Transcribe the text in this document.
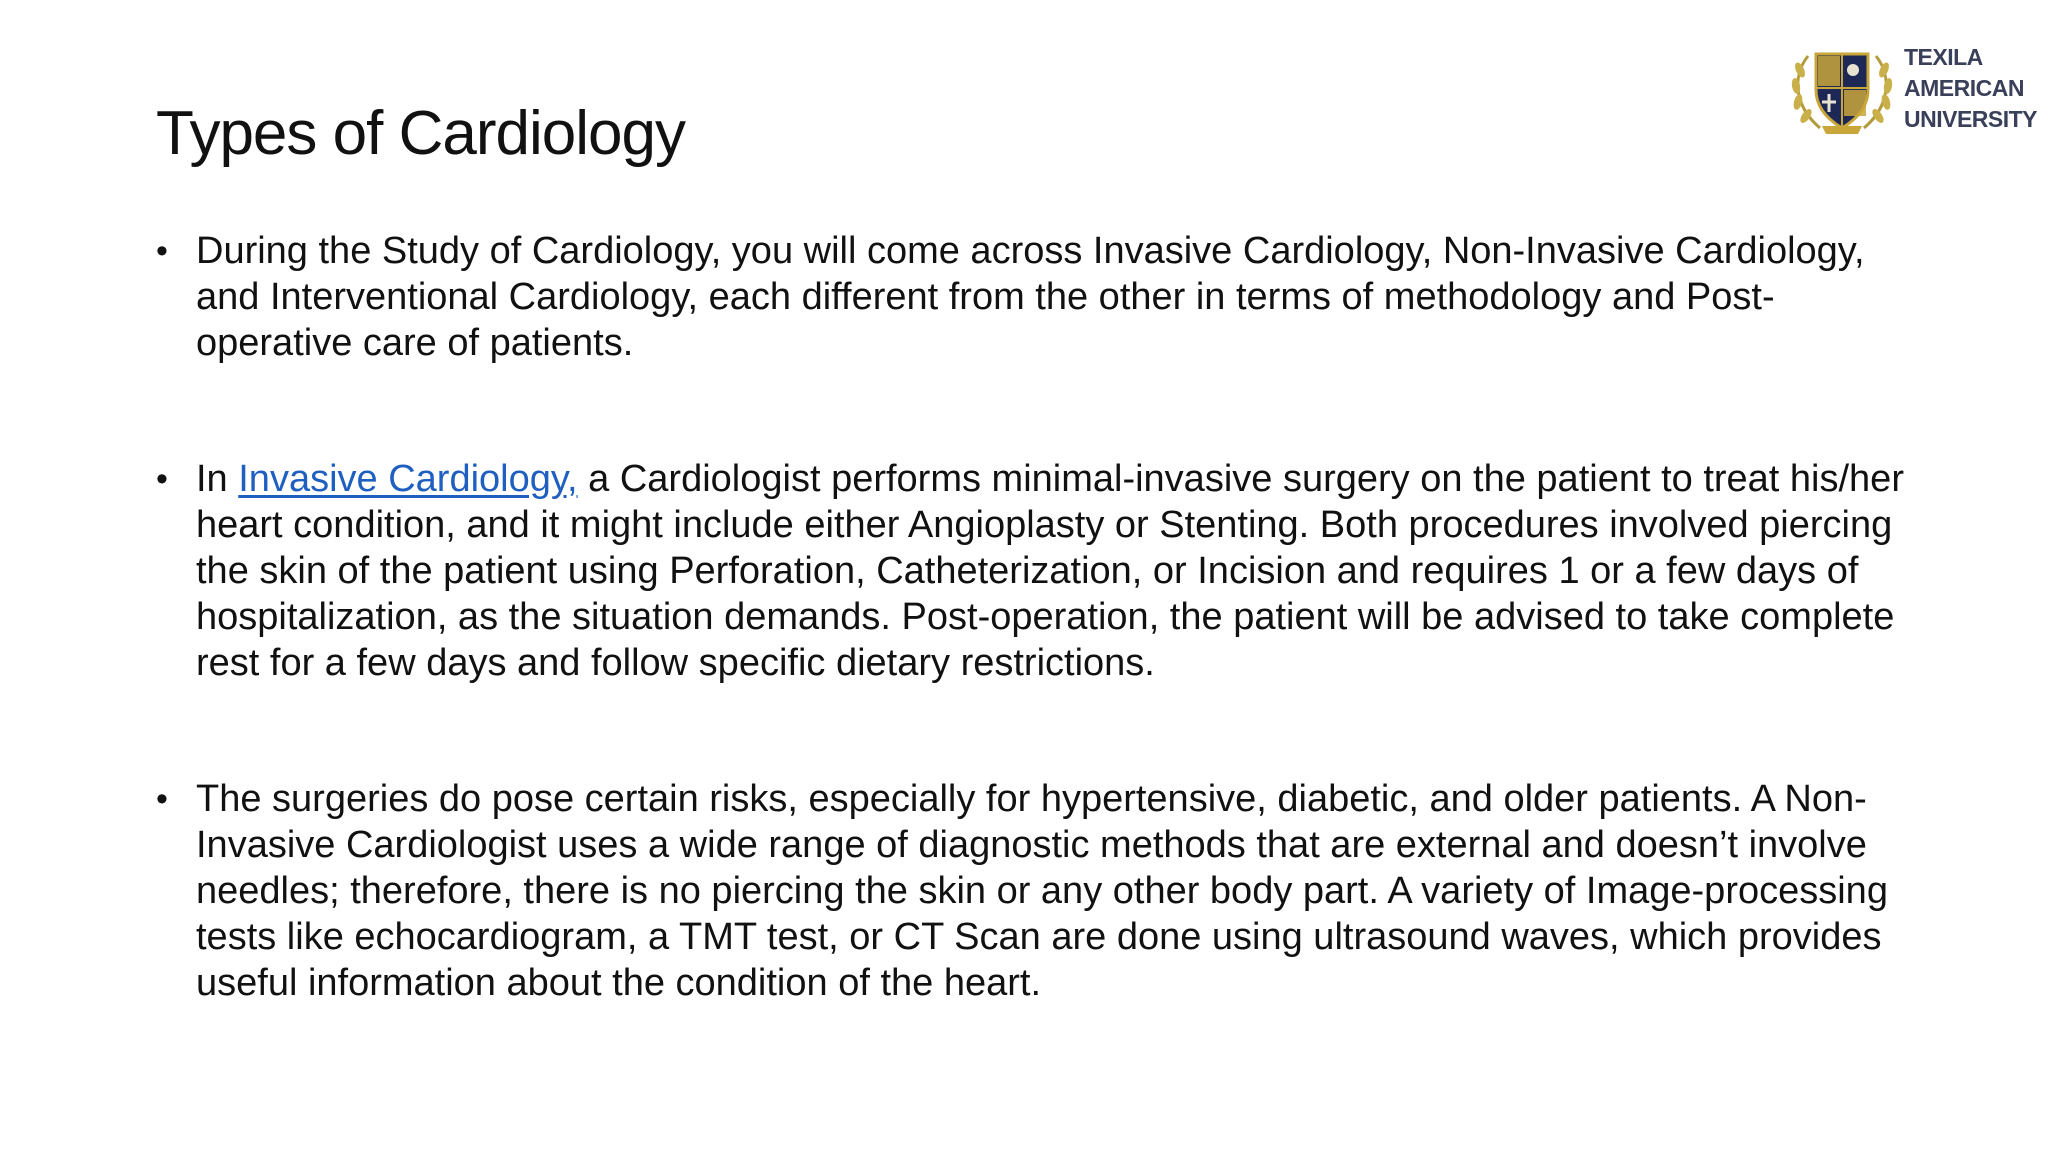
Types of Cardiology
TEXILA
AMERICAN
UNIVERSITY
• During the Study of Cardiology, you will come across Invasive Cardiology, Non-Invasive Cardiology, and Interventional Cardiology, each different from the other in terms of methodology and Post-operative care of patients.
• In Invasive Cardiology, a Cardiologist performs minimal-invasive surgery on the patient to treat his/her heart condition, and it might include either Angioplasty or Stenting. Both procedures involved piercing the skin of the patient using Perforation, Catheterization, or Incision and requires 1 or a few days of hospitalization, as the situation demands. Post-operation, the patient will be advised to take complete rest for a few days and follow specific dietary restrictions.
• The surgeries do pose certain risks, especially for hypertensive, diabetic, and older patients. A Non-Invasive Cardiologist uses a wide range of diagnostic methods that are external and doesn’t involve needles; therefore, there is no piercing the skin or any other body part. A variety of Image-processing tests like echocardiogram, a TMT test, or CT Scan are done using ultrasound waves, which provides useful information about the condition of the heart.
